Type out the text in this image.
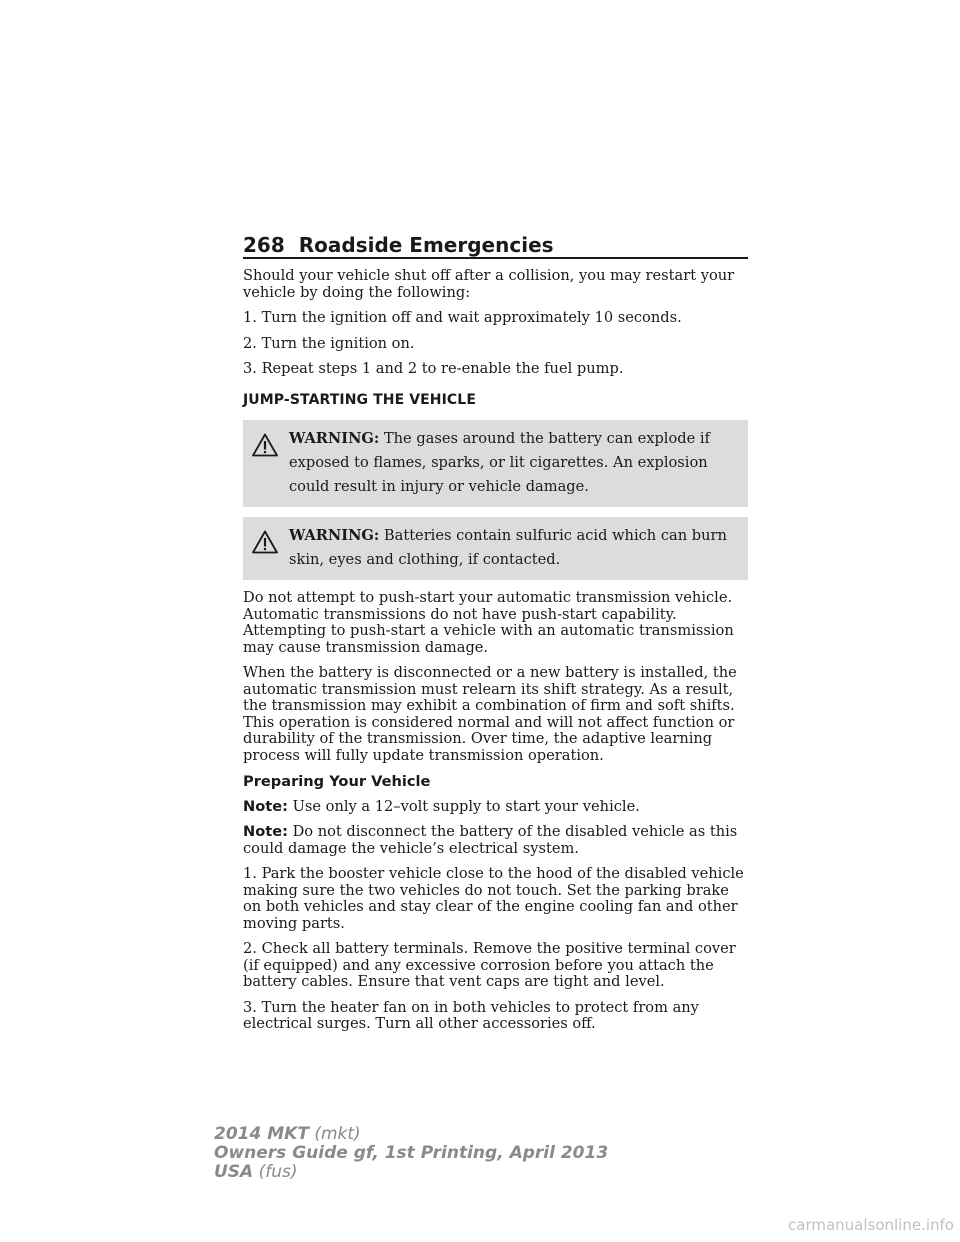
268 Roadside Emergencies

Should your vehicle shut off after a collision, you may restart your vehicle by doing the following:

1. Turn the ignition off and wait approximately 10 seconds.

2. Turn the ignition on.

3. Repeat steps 1 and 2 to re-enable the fuel pump.

JUMP-STARTING THE VEHICLE
WARNING: The gases around the battery can explode if exposed to flames, sparks, or lit cigarettes. An explosion could result in injury or vehicle damage.
WARNING: Batteries contain sulfuric acid which can burn skin, eyes and clothing, if contacted.

Do not attempt to push-start your automatic transmission vehicle. Automatic transmissions do not have push-start capability. Attempting to push-start a vehicle with an automatic transmission may cause transmission damage.

When the battery is disconnected or a new battery is installed, the automatic transmission must relearn its shift strategy. As a result, the transmission may exhibit a combination of firm and soft shifts. This operation is considered normal and will not affect function or durability of the transmission. Over time, the adaptive learning process will fully update transmission operation.

Preparing Your Vehicle

Note: Use only a 12–volt supply to start your vehicle.

Note: Do not disconnect the battery of the disabled vehicle as this could damage the vehicle’s electrical system.

1. Park the booster vehicle close to the hood of the disabled vehicle making sure the two vehicles do not touch. Set the parking brake on both vehicles and stay clear of the engine cooling fan and other moving parts.

2. Check all battery terminals. Remove the positive terminal cover (if equipped) and any excessive corrosion before you attach the battery cables. Ensure that vent caps are tight and level.

3. Turn the heater fan on in both vehicles to protect from any electrical surges. Turn all other accessories off.

2014 MKT (mkt)
Owners Guide gf, 1st Printing, April 2013
USA (fus)
carmanualsonline.info
